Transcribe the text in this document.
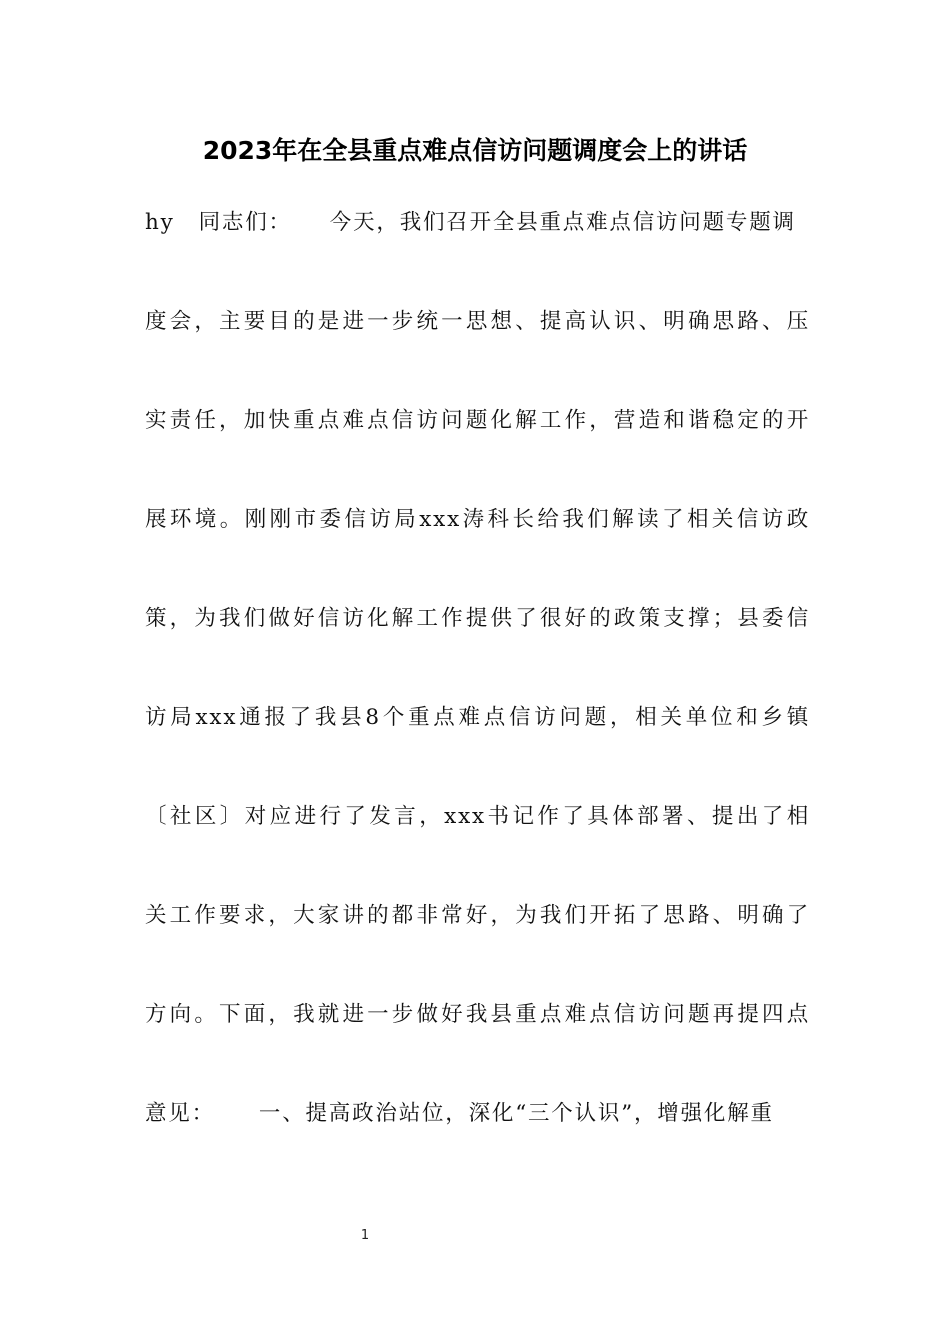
2023年在全县重点难点信访问题调度会上的讲话
hy 同志们： 今天，我们召开全县重点难点信访问题专题调
度会，主要目的是进一步统一思想、提高认识、明确思路、压
实责任，加快重点难点信访问题化解工作，营造和谐稳定的开
展环境。刚刚市委信访局xxx涛科长给我们解读了相关信访政
策，为我们做好信访化解工作提供了很好的政策支撑；县委信
访局xxx通报了我县8个重点难点信访问题，相关单位和乡镇
〔社区〕对应进行了发言，xxx书记作了具体部署、提出了相
关工作要求，大家讲的都非常好，为我们开拓了思路、明确了
方向。下面，我就进一步做好我县重点难点信访问题再提四点
意见： 一、提高政治站位，深化“三个认识”，增强化解重
1
